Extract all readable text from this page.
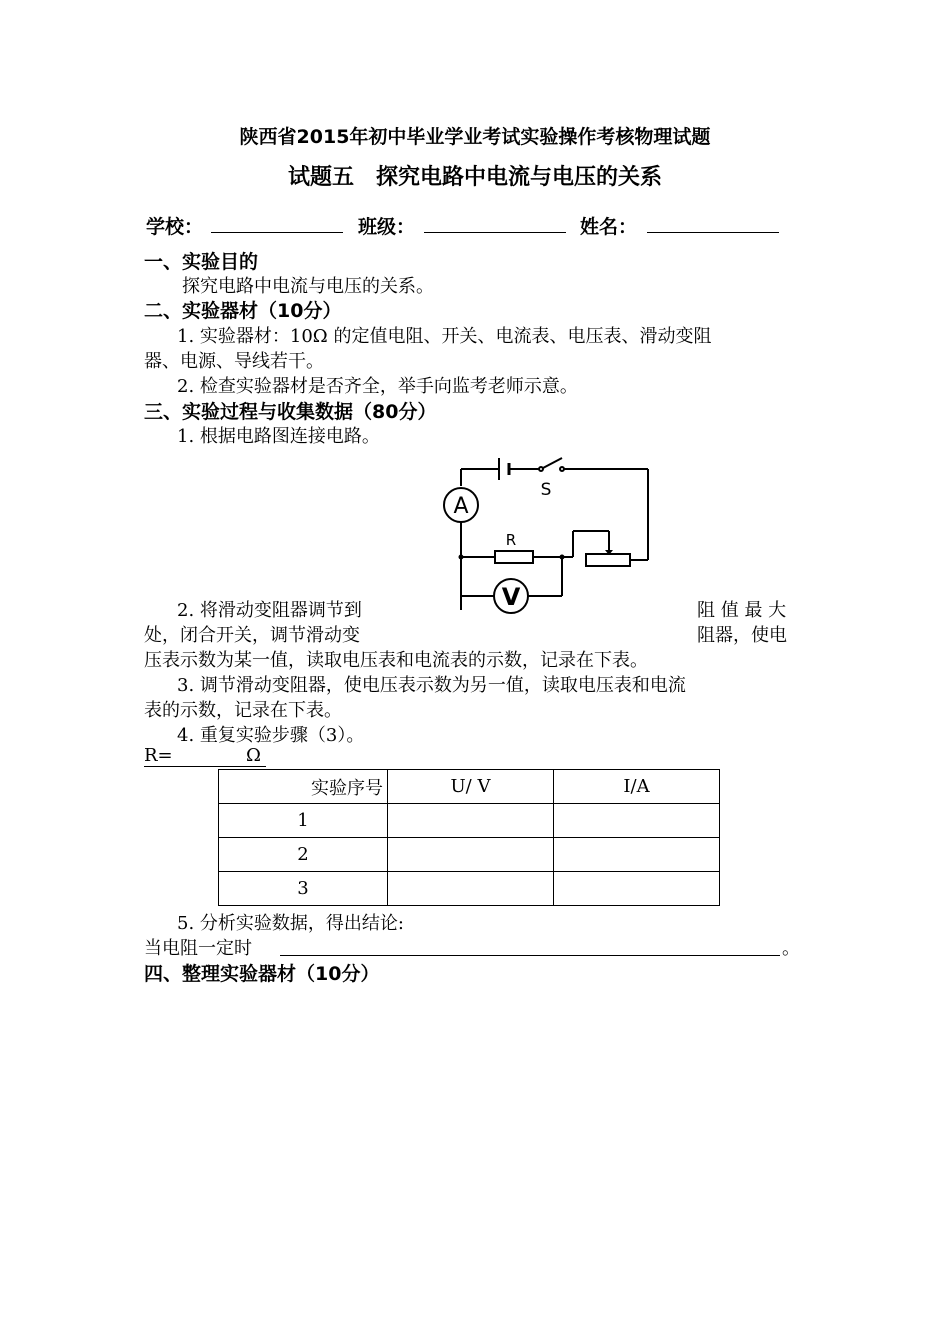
陕西省2015年初中毕业学业考试实验操作考核物理试题
试题五　探究电路中电流与电压的关系
学校：	班级：	姓名：
一、实验目的
探究电路中电流与电压的关系。
二、实验器材（10分）
1. 实验器材：10Ω 的定值电阻、开关、电流表、电压表、滑动变阻
器、电源、导线若干。
2. 检查实验器材是否齐全，举手向监考老师示意。
三、实验过程与收集数据（80分）
1. 根据电路图连接电路。
A
V
S
R
2. 将滑动变阻器调节到	阻 值 最 大
处，闭合开关，调节滑动变	阻器，使电
压表示数为某一值，读取电压表和电流表的示数，记录在下表。
3. 调节滑动变阻器，使电压表示数为另一值，读取电压表和电流
表的示数，记录在下表。
4. 重复实验步骤（3）。
R=	Ω
实验序号	U/ V	I/A
1		
2		
3		
5. 分析实验数据，得出结论:
当电阻一定时	。
四、整理实验器材（10分）
